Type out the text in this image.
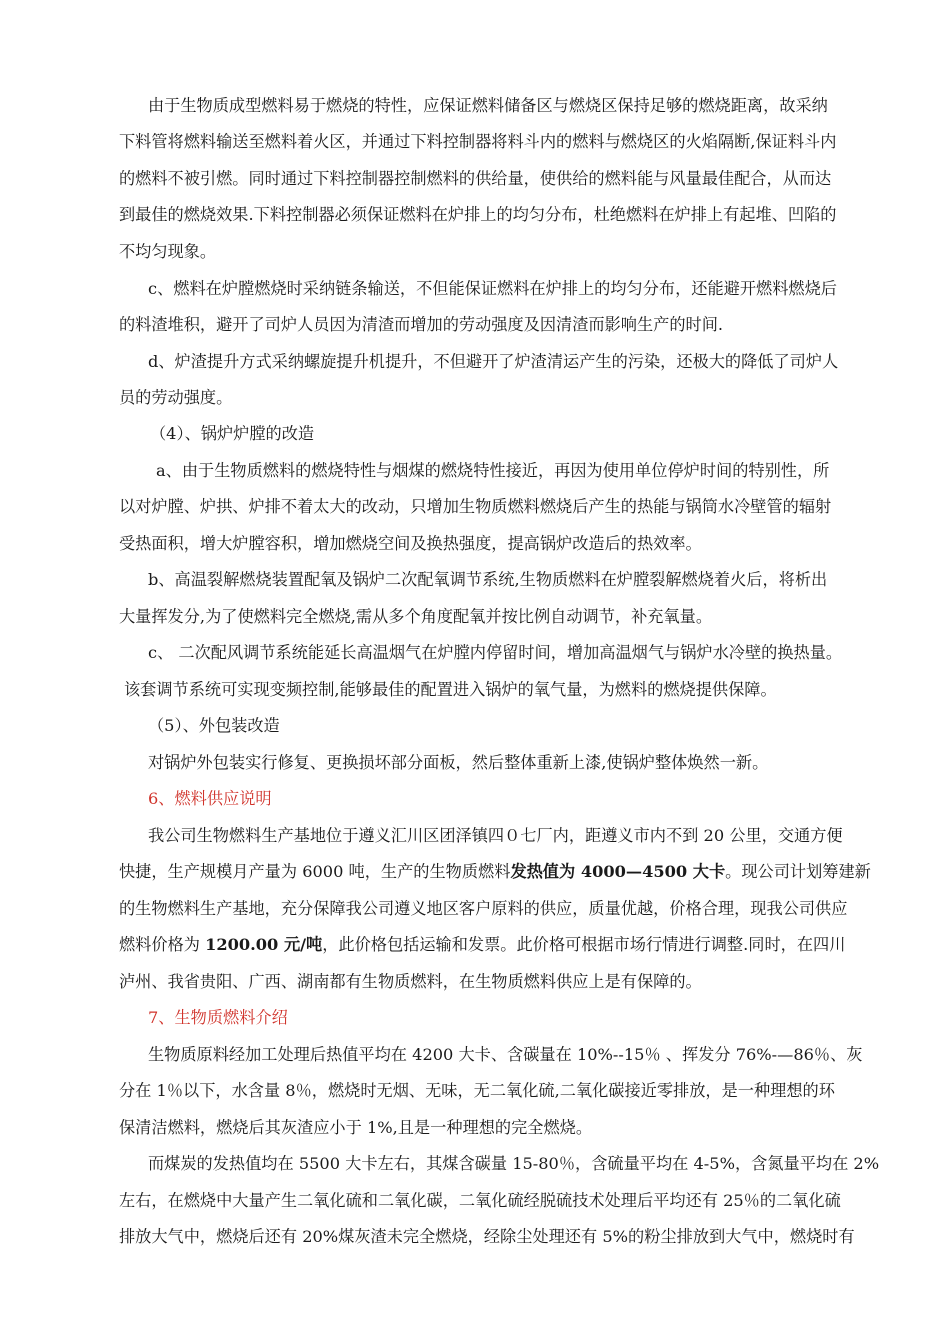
由于生物质成型燃料易于燃烧的特性，应保证燃料储备区与燃烧区保持足够的燃烧距离，故采纳
下料管将燃料输送至燃料着火区，并通过下料控制器将料斗内的燃料与燃烧区的火焰隔断,保证料斗内
的燃料不被引燃。同时通过下料控制器控制燃料的供给量，使供给的燃料能与风量最佳配合，从而达
到最佳的燃烧效果.下料控制器必须保证燃料在炉排上的均匀分布，杜绝燃料在炉排上有起堆、凹陷的
不均匀现象。
c、燃料在炉膛燃烧时采纳链条输送，不但能保证燃料在炉排上的均匀分布，还能避开燃料燃烧后
的料渣堆积，避开了司炉人员因为清渣而增加的劳动强度及因清渣而影响生产的时间.
d、炉渣提升方式采纳螺旋提升机提升，不但避开了炉渣清运产生的污染，还极大的降低了司炉人
员的劳动强度。
（4）、锅炉炉膛的改造
a、由于生物质燃料的燃烧特性与烟煤的燃烧特性接近，再因为使用单位停炉时间的特别性，所
以对炉膛、炉拱、炉排不着太大的改动，只增加生物质燃料燃烧后产生的热能与锅筒水冷壁管的辐射
受热面积，增大炉膛容积，增加燃烧空间及换热强度，提高锅炉改造后的热效率。
b、高温裂解燃烧装置配氧及锅炉二次配氧调节系统,生物质燃料在炉膛裂解燃烧着火后，将析出
大量挥发分,为了使燃料完全燃烧,需从多个角度配氧并按比例自动调节，补充氧量。
c、 二次配风调节系统能延长高温烟气在炉膛内停留时间，增加高温烟气与锅炉水冷壁的换热量。
该套调节系统可实现变频控制,能够最佳的配置进入锅炉的氧气量，为燃料的燃烧提供保障。
（5）、外包装改造
对锅炉外包装实行修复、更换损坏部分面板，然后整体重新上漆,使锅炉整体焕然一新。
6、燃料供应说明
我公司生物燃料生产基地位于遵义汇川区团泽镇四０七厂内，距遵义市内不到 20 公里，交通方便
快捷，生产规模月产量为 6000 吨，生产的生物质燃料发热值为 4000—4500 大卡。现公司计划筹建新
的生物燃料生产基地，充分保障我公司遵义地区客户原料的供应，质量优越，价格合理，现我公司供应
燃料价格为 1200.00 元/吨，此价格包括运输和发票。此价格可根据市场行情进行调整.同时，在四川
泸州、我省贵阳、广西、湖南都有生物质燃料，在生物质燃料供应上是有保障的。
7、生物质燃料介绍
生物质原料经加工处理后热值平均在 4200 大卡、含碳量在 10%--15％ 、挥发分 76%-—86％、灰
分在 1％以下，水含量 8％，燃烧时无烟、无味，无二氧化硫,二氧化碳接近零排放，是一种理想的环
保清洁燃料，燃烧后其灰渣应小于 1%,且是一种理想的完全燃烧。
而煤炭的发热值均在 5500 大卡左右，其煤含碳量 15-80％，含硫量平均在 4-5%，含氮量平均在 2%
左右，在燃烧中大量产生二氧化硫和二氧化碳，二氧化硫经脱硫技术处理后平均还有 25％的二氧化硫
排放大气中，燃烧后还有 20%煤灰渣未完全燃烧，经除尘处理还有 5%的粉尘排放到大气中，燃烧时有
